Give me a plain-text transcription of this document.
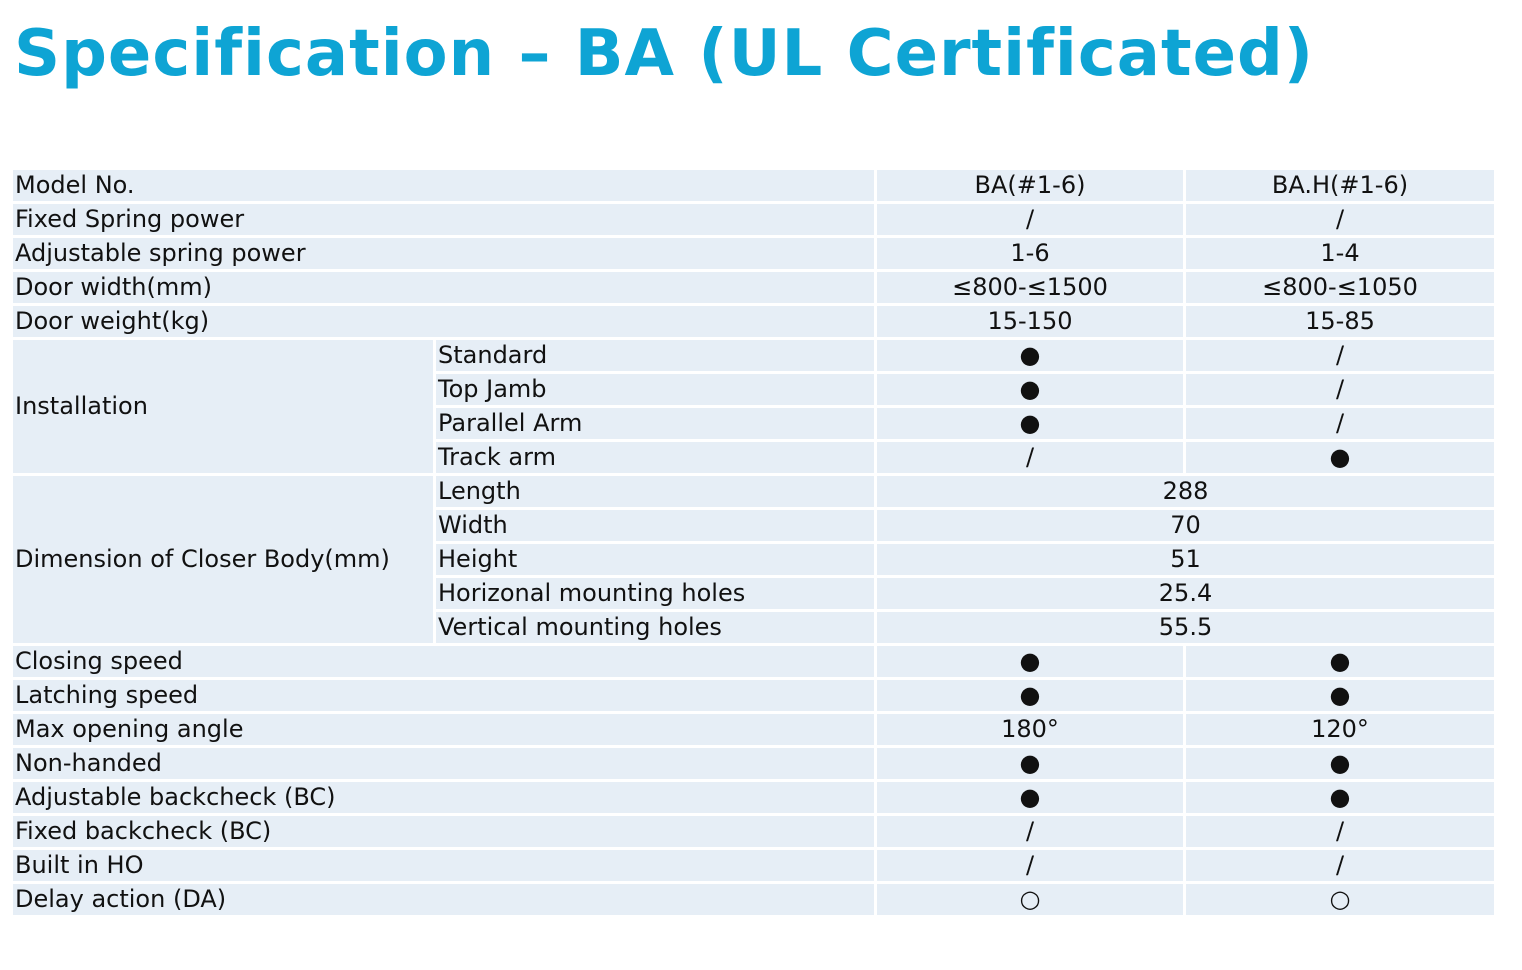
Specification – BA (UL Certificated)
Model No.		BA(#1-6)	BA.H(#1-6)
Fixed Spring power		/	/
Adjustable spring power		1-6	1-4
Door width(mm)		≤800-≤1500	≤800-≤1050
Door weight(kg)		15-150	15-85
Installation	Standard	●	/
	Top Jamb	●	/
	Parallel Arm	●	/
	Track arm	/	●
Dimension of Closer Body(mm)	Length	288	
	Width	70	
	Height	51	
	Horizonal mounting holes	25.4	
	Vertical mounting holes	55.5	
Closing speed		●	●
Latching speed		●	●
Max opening angle		180°	120°
Non-handed		●	●
Adjustable backcheck (BC)		●	●
Fixed backcheck (BC)		/	/
Built in HO		/	/
Delay action (DA)		○	○
